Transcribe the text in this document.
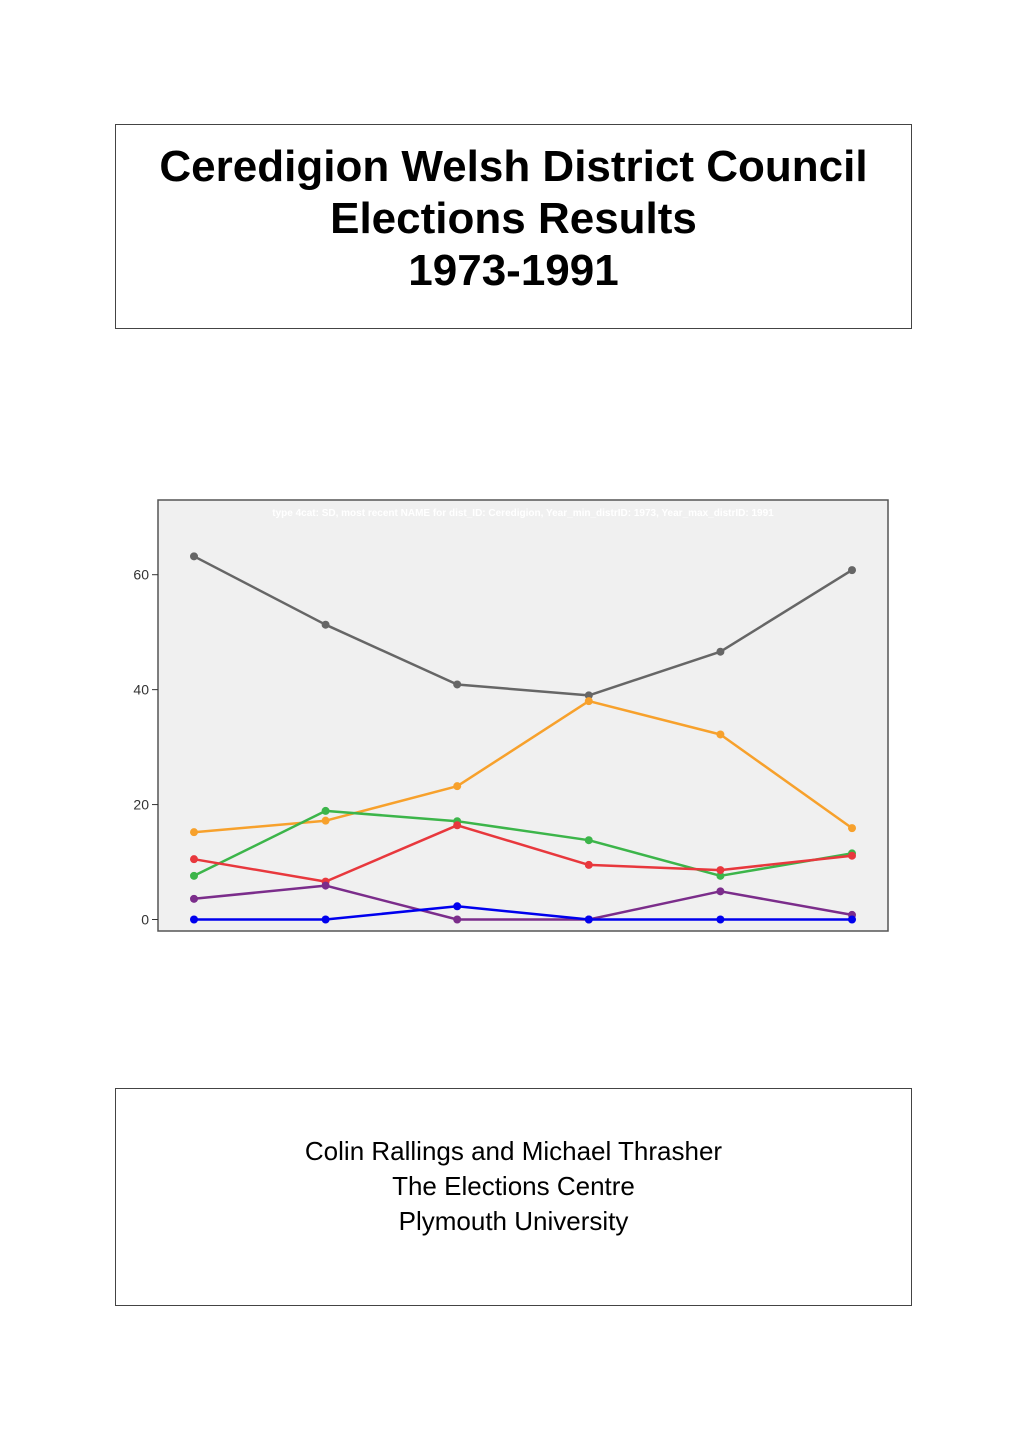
Ceredigion Welsh District Council
Elections Results
1973-1991
type 4cat: SD, most recent NAME for dist_ID: Ceredigion, Year_min_distrID: 1973, Year_max_distrID: 1991
0
20
40
60
Colin Rallings and Michael Thrasher
The Elections Centre
Plymouth University
